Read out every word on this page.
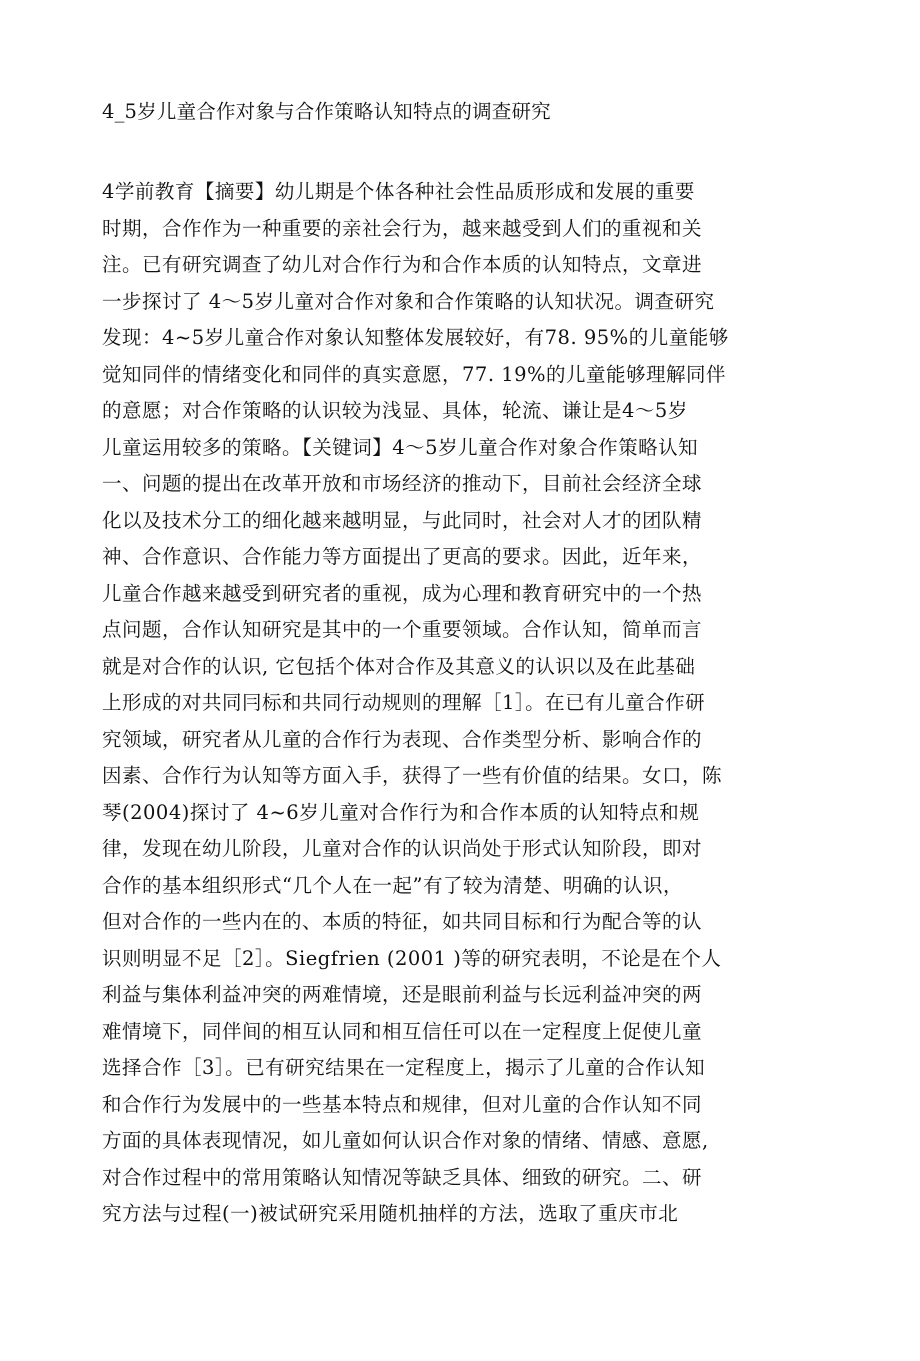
4_5岁儿童合作对象与合作策略认知特点的调查研究
4学前教育【摘要】幼儿期是个体各种社会性品质形成和发展的重要
时期，合作作为一种重要的亲社会行为，越来越受到人们的重视和关
注。已有研究调查了幼儿对合作行为和合作本质的认知特点，文章进
一步探讨了 4～5岁儿童对合作对象和合作策略的认知状况。调查研究
发现：4~5岁儿童合作对象认知整体发展较好，有78. 95%的儿童能够
觉知同伴的情绪变化和同伴的真实意愿，77. 19%的儿童能够理解同伴
的意愿；对合作策略的认识较为浅显、具体，轮流、谦让是4～5岁
儿童运用较多的策略。【关键词】4～5岁儿童合作对象合作策略认知
一、问题的提出在改革开放和市场经济的推动下，目前社会经济全球
化以及技术分工的细化越来越明显，与此同时，社会对人才的团队精
神、合作意识、合作能力等方面提出了更高的要求。因此，近年来，
儿童合作越来越受到研究者的重视，成为心理和教育研究中的一个热
点问题，合作认知研究是其中的一个重要领域。合作认知，简单而言
就是对合作的认识, 它包括个体对合作及其意义的认识以及在此基础
上形成的对共同冃标和共同行动规则的理解［1］。在已有儿童合作研
究领域，研究者从儿童的合作行为表现、合作类型分析、影响合作的
因素、合作行为认知等方面入手，获得了一些有价值的结果。女口，陈
琴(2004)探讨了 4~6岁儿童对合作行为和合作本质的认知特点和规
律，发现在幼儿阶段，儿童对合作的认识尚处于形式认知阶段，即对
合作的基本组织形式“几个人在一起”有了较为清楚、明确的认识，
但对合作的一些内在的、本质的特征，如共同目标和行为配合等的认
识则明显不足［2］。Siegfrien (2001 )等的研究表明，不论是在个人
利益与集体利益冲突的两难情境，还是眼前利益与长远利益冲突的两
难情境下，同伴间的相互认同和相互信任可以在一定程度上促使儿童
选择合作［3］。已有研究结果在一定程度上，揭示了儿童的合作认知
和合作行为发展中的一些基本特点和规律，但对儿童的合作认知不同
方面的具体表现情况，如儿童如何认识合作对象的情绪、情感、意愿,
对合作过程中的常用策略认知情况等缺乏具体、细致的研究。二、研
究方法与过程(一)被试研究采用随机抽样的方法，选取了重庆市北
